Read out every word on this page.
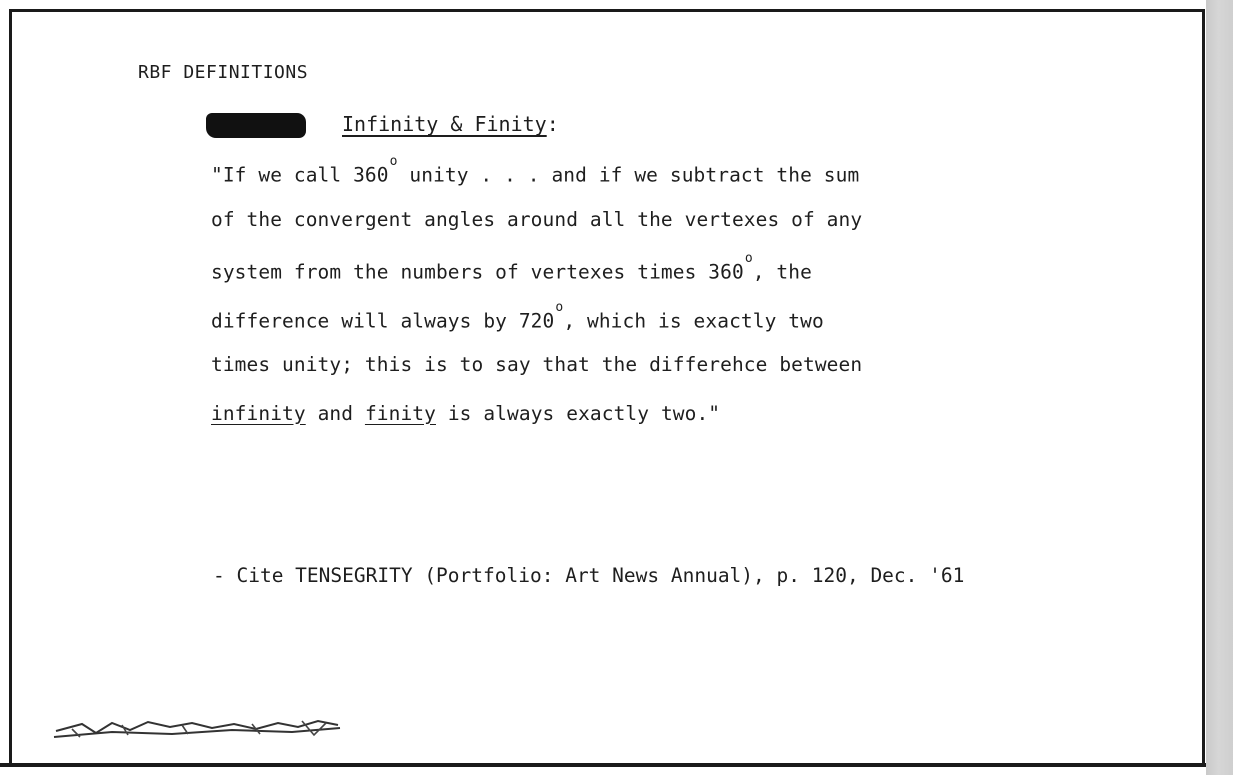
RBF DEFINITIONS
Infinity & Finity:
"If we call 360$^o$ unity . . . and if we subtract the sum
of the convergent angles around all the vertexes of any
system from the numbers of vertexes times 360$^o$, the
difference will always by 720$^o$, which is exactly two
times unity; this is to say that the differehce between
infinity and finity is always exactly two."
- Cite TENSEGRITY (Portfolio: Art News Annual), p. 120, Dec. '61
